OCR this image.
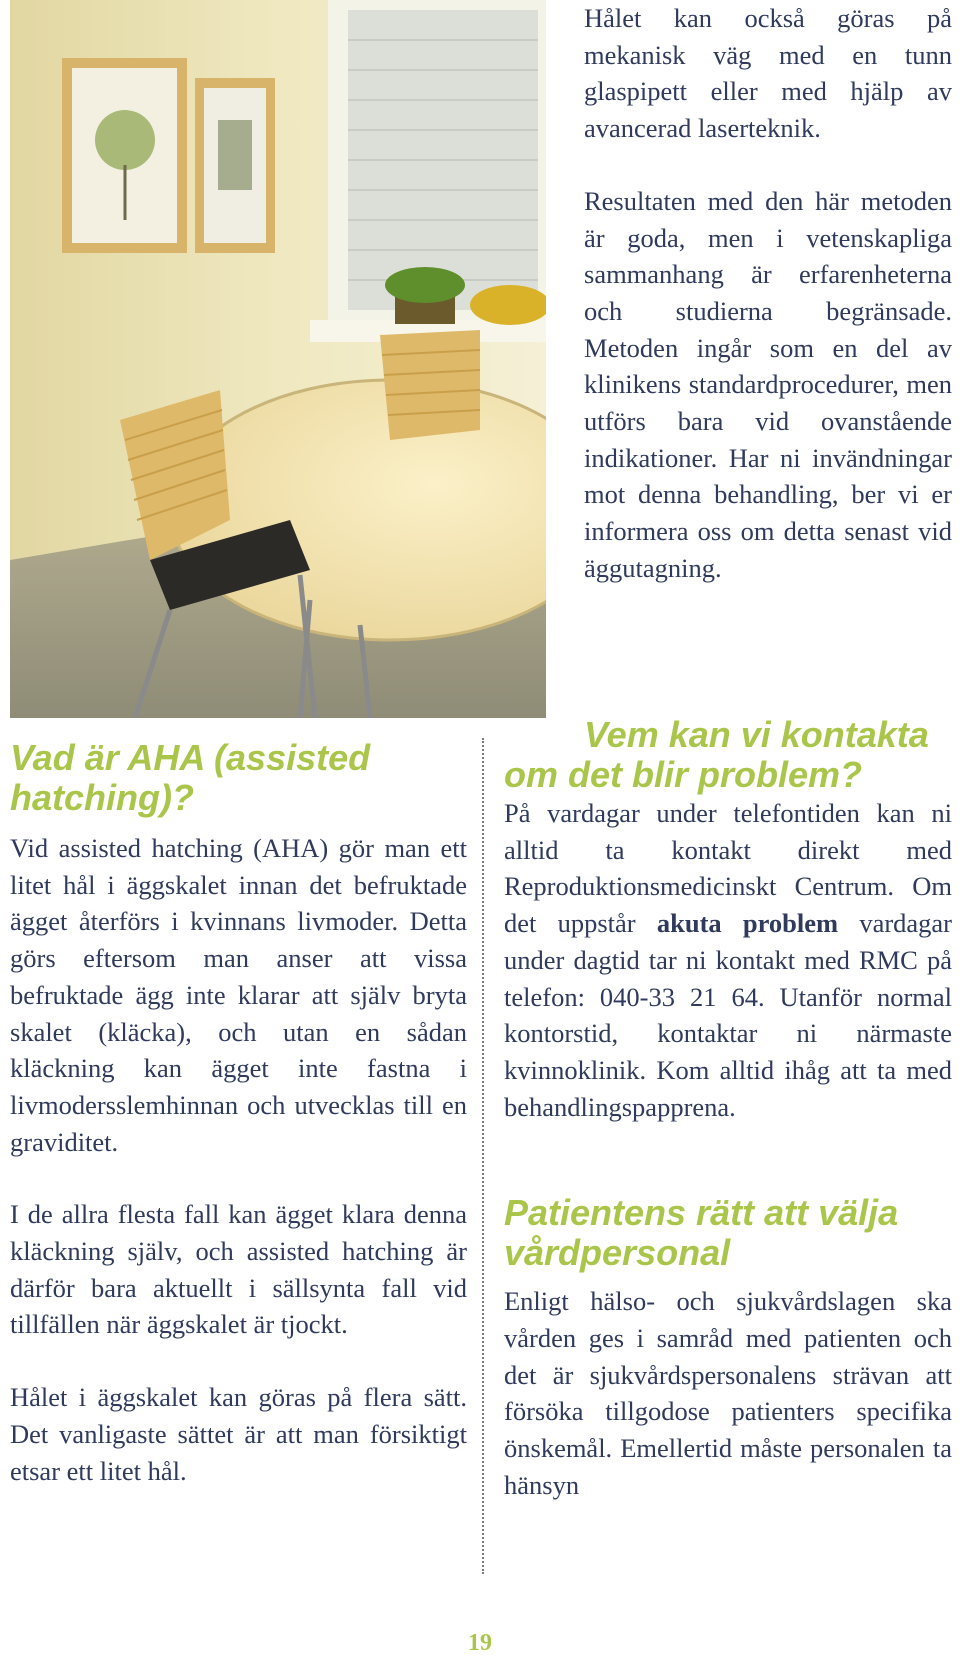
Hålet kan också göras på mekanisk väg med en tunn glaspipett eller med hjälp av avancerad laserteknik.

Resultaten med den här metoden är goda, men i vetenskapliga sammanhang är erfarenheterna och studierna begränsade. Metoden ingår som en del av klinikens standardprocedurer, men utförs bara vid ovanstående indikationer. Har ni invändningar mot denna behandling, ber vi er informera oss om detta senast vid äggutagning.

Vad är AHA (assisted hatching)?

Vid assisted hatching (AHA) gör man ett litet hål i äggskalet innan det befruktade ägget återförs i kvinnans livmoder. Detta görs eftersom man anser att vissa befruktade ägg inte klarar att själv bryta skalet (kläcka), och utan en sådan kläckning kan ägget inte fastna i livmodersslemhinnan och utvecklas till en graviditet.

I de allra flesta fall kan ägget klara denna kläckning själv, och assisted hatching är därför bara aktuellt i sällsynta fall vid tillfällen när äggskalet är tjockt.

Hålet i äggskalet kan göras på flera sätt. Det vanligaste sättet är att man försiktigt etsar ett litet hål.

Vem kan vi kontakta om det blir problem?

På vardagar under telefontiden kan ni alltid ta kontakt direkt med Reproduktionsmedicinskt Centrum. Om det uppstår akuta problem vardagar under dagtid tar ni kontakt med RMC på telefon: 040-33 21 64. Utanför normal kontorstid, kontaktar ni närmaste kvinnoklinik. Kom alltid ihåg att ta med behandlingspapprena.

Patientens rätt att välja vårdpersonal

Enligt hälso- och sjukvårdslagen ska vården ges i samråd med patienten och det är sjukvårdspersonalens strävan att försöka tillgodose patienters specifika önskemål. Emellertid måste personalen ta hänsyn

19
